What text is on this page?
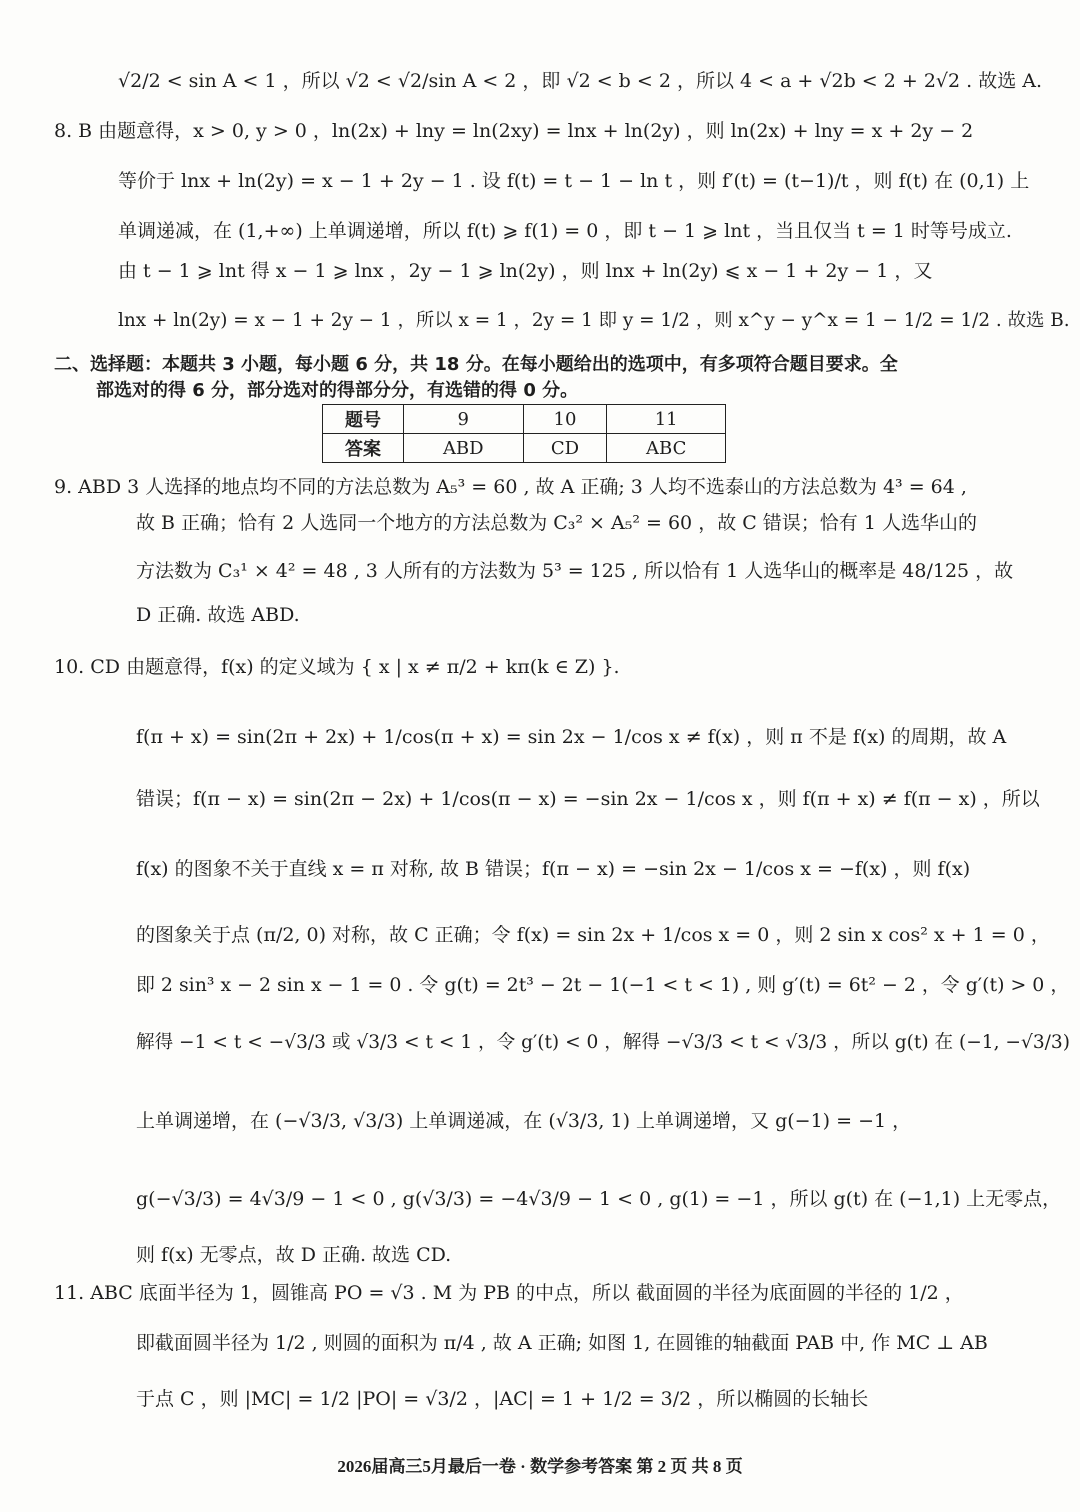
√2/2 < sin A < 1 ，所以 √2 < √2/sin A < 2 ，即 √2 < b < 2 ，所以 4 < a + √2b < 2 + 2√2 . 故选 A.
8. B 由题意得，x > 0, y > 0 ，ln(2x) + lny = ln(2xy) = lnx + ln(2y) ，则 ln(2x) + lny = x + 2y − 2
等价于 lnx + ln(2y) = x − 1 + 2y − 1 . 设 f(t) = t − 1 − ln t ，则 f′(t) = (t−1)/t ，则 f(t) 在 (0,1) 上
单调递减，在 (1,+∞) 上单调递增，所以 f(t) ⩾ f(1) = 0 ，即 t − 1 ⩾ lnt ，当且仅当 t = 1 时等号成立.
由 t − 1 ⩾ lnt 得 x − 1 ⩾ lnx ，2y − 1 ⩾ ln(2y) ，则 lnx + ln(2y) ⩽ x − 1 + 2y − 1 ，又
lnx + ln(2y) = x − 1 + 2y − 1 ，所以 x = 1 ，2y = 1 即 y = 1/2 ，则 x^y − y^x = 1 − 1/2 = 1/2 . 故选 B.
二、选择题：本题共 3 小题，每小题 6 分，共 18 分。在每小题给出的选项中，有多项符合题目要求。全
部选对的得 6 分，部分选对的得部分分，有选错的得 0 分。
题号	9	10	11
答案	ABD	CD	ABC
9. ABD 3 人选择的地点均不同的方法总数为 A₅³ = 60 , 故 A 正确; 3 人均不选泰山的方法总数为 4³ = 64 ,
故 B 正确；恰有 2 人选同一个地方的方法总数为 C₃² × A₅² = 60 ，故 C 错误；恰有 1 人选华山的
方法数为 C₃¹ × 4² = 48 , 3 人所有的方法数为 5³ = 125 , 所以恰有 1 人选华山的概率是 48/125 ，故
D 正确. 故选 ABD.
10. CD 由题意得，f(x) 的定义域为 { x | x ≠ π/2 + kπ(k ∈ Z) }.
f(π + x) = sin(2π + 2x) + 1/cos(π + x) = sin 2x − 1/cos x ≠ f(x) ，则 π 不是 f(x) 的周期，故 A
错误；f(π − x) = sin(2π − 2x) + 1/cos(π − x) = −sin 2x − 1/cos x ，则 f(π + x) ≠ f(π − x) ，所以
f(x) 的图象不关于直线 x = π 对称, 故 B 错误；f(π − x) = −sin 2x − 1/cos x = −f(x) ，则 f(x)
的图象关于点 (π/2, 0) 对称，故 C 正确；令 f(x) = sin 2x + 1/cos x = 0 ，则 2 sin x cos² x + 1 = 0 ，
即 2 sin³ x − 2 sin x − 1 = 0 . 令 g(t) = 2t³ − 2t − 1(−1 < t < 1) , 则 g′(t) = 6t² − 2 ，令 g′(t) > 0 ，
解得 −1 < t < −√3/3 或 √3/3 < t < 1 ，令 g′(t) < 0 ，解得 −√3/3 < t < √3/3 ，所以 g(t) 在 (−1, −√3/3)
上单调递增，在 (−√3/3, √3/3) 上单调递减，在 (√3/3, 1) 上单调递增，又 g(−1) = −1 ，
g(−√3/3) = 4√3/9 − 1 < 0 , g(√3/3) = −4√3/9 − 1 < 0 , g(1) = −1 ，所以 g(t) 在 (−1,1) 上无零点，
则 f(x) 无零点，故 D 正确. 故选 CD.
11. ABC 底面半径为 1，圆锥高 PO = √3 . M 为 PB 的中点，所以 截面圆的半径为底面圆的半径的 1/2 ，
即截面圆半径为 1/2 , 则圆的面积为 π/4 , 故 A 正确; 如图 1, 在圆锥的轴截面 PAB 中, 作 MC ⊥ AB
于点 C ，则 |MC| = 1/2 |PO| = √3/2 ，|AC| = 1 + 1/2 = 3/2 ，所以椭圆的长轴长
2026届高三5月最后一卷 · 数学参考答案 第 2 页 共 8 页
